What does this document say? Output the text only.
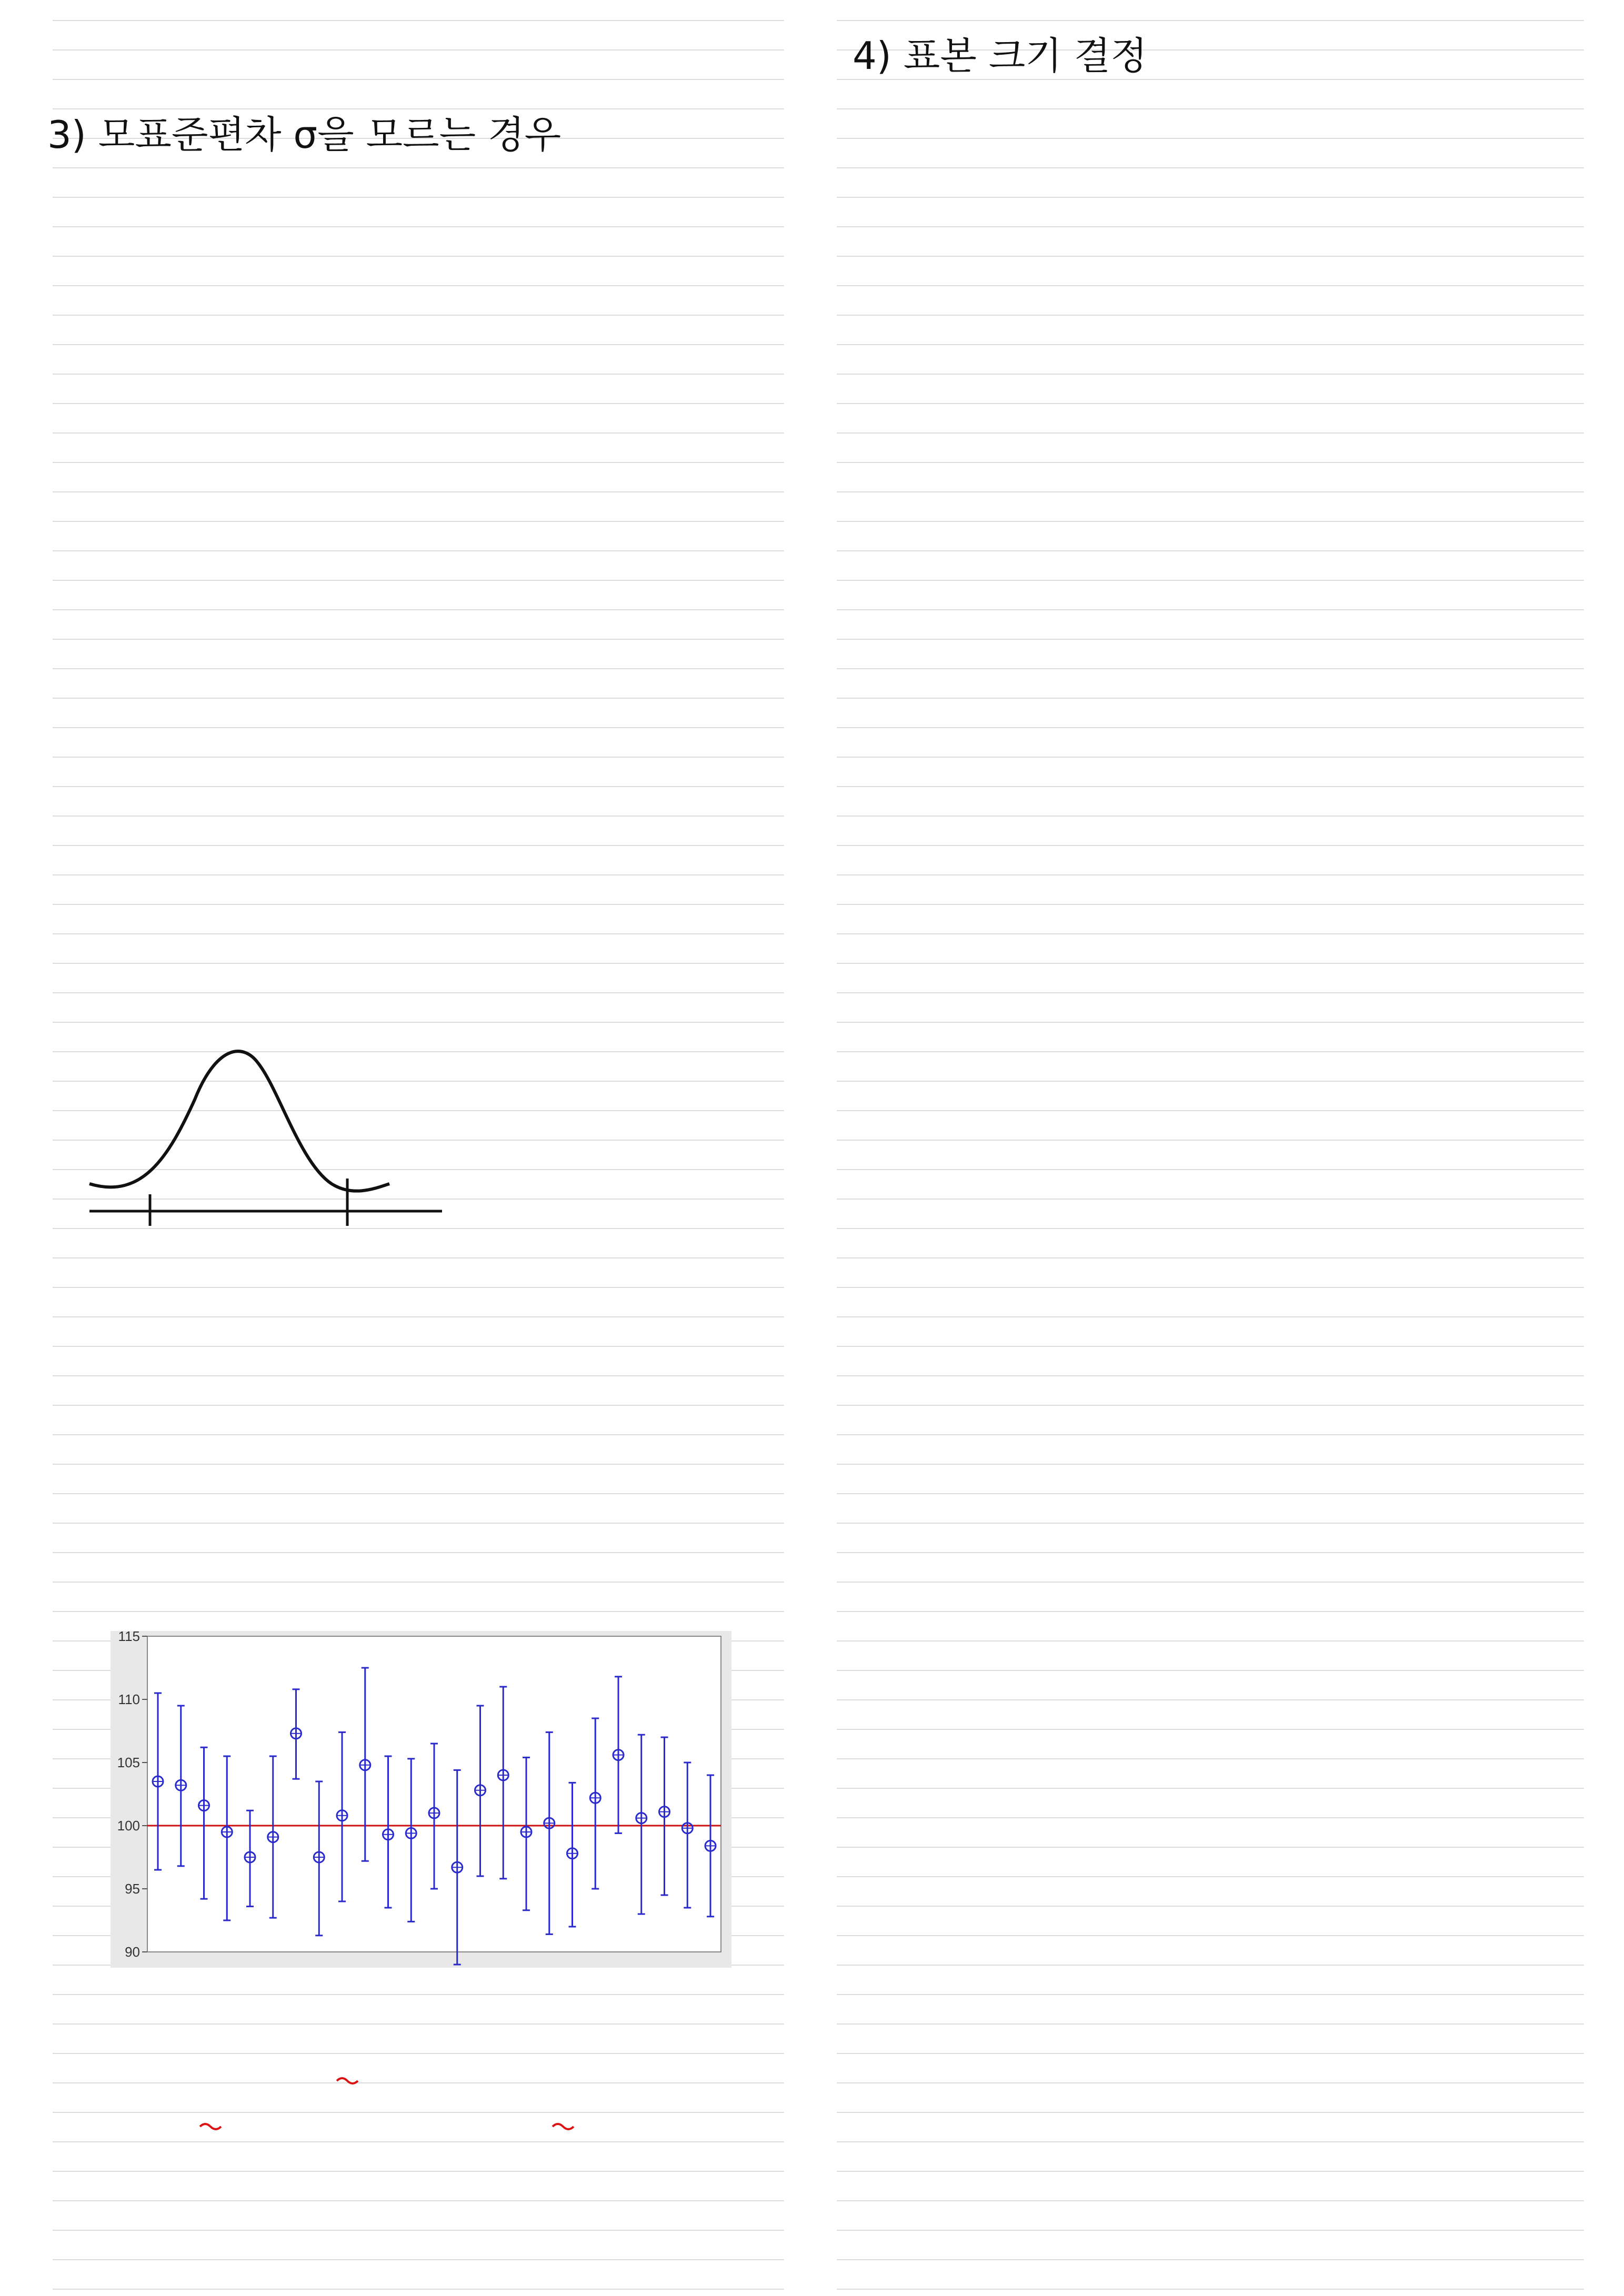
3) 모표준편차 σ을 모르는 경우
115
110
105
100
95
90
4) 표본 크기 결정
